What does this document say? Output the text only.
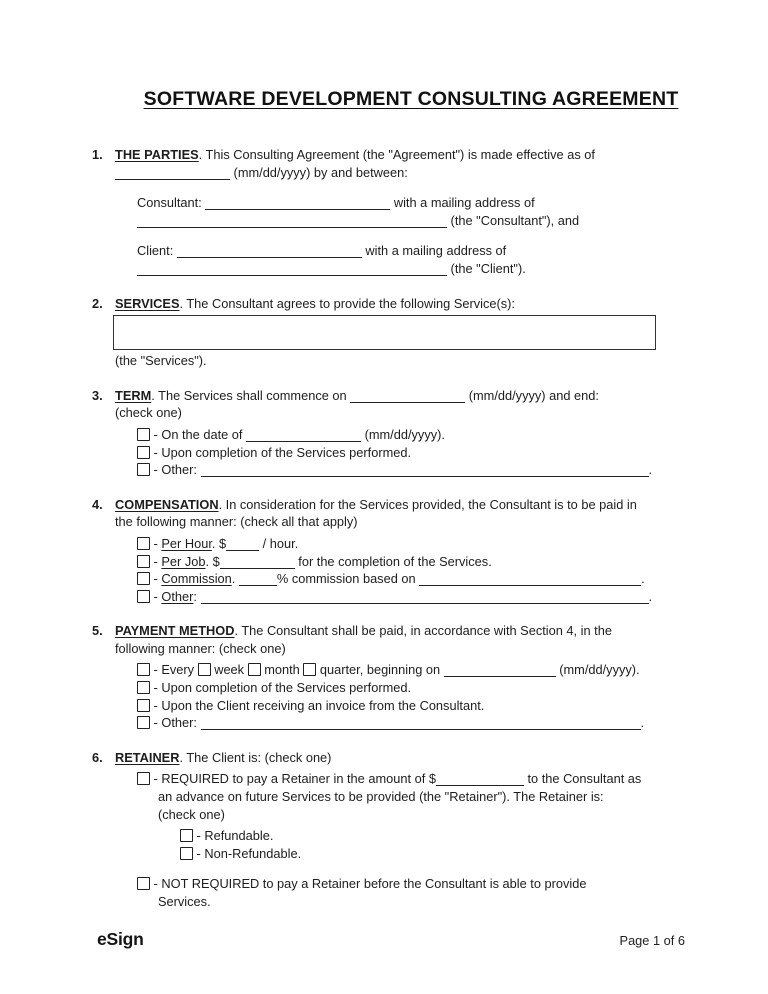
SOFTWARE DEVELOPMENT CONSULTING AGREEMENT
1. THE PARTIES. This Consulting Agreement (the "Agreement") is made effective as of
(mm/dd/yyyy) by and between:
Consultant:	with a mailing address of
(the "Consultant"), and
Client:	with a mailing address of
(the "Client").
2. SERVICES. The Consultant agrees to provide the following Service(s):
(the "Services").
3. TERM. The Services shall commence on	(mm/dd/yyyy) and end:
(check one)
- On the date of	(mm/dd/yyyy).
- Upon completion of the Services performed.
- Other:	.
4. COMPENSATION. In consideration for the Services provided, the Consultant is to be paid in
the following manner: (check all that apply)
- Per Hour. $	/ hour.
- Per Job. $	for the completion of the Services.
- Commission.	% commission based on	.
- Other:	.
5. PAYMENT METHOD. The Consultant shall be paid, in accordance with Section 4, in the
following manner: (check one)
- Every  week  month  quarter, beginning on	(mm/dd/yyyy).
- Upon completion of the Services performed.
- Upon the Client receiving an invoice from the Consultant.
- Other:	.
6. RETAINER. The Client is: (check one)
- REQUIRED to pay a Retainer in the amount of $	to the Consultant as
an advance on future Services to be provided (the "Retainer"). The Retainer is:
(check one)
- Refundable.
- Non-Refundable.
- NOT REQUIRED to pay a Retainer before the Consultant is able to provide
Services.
eSign	Page 1 of 6
